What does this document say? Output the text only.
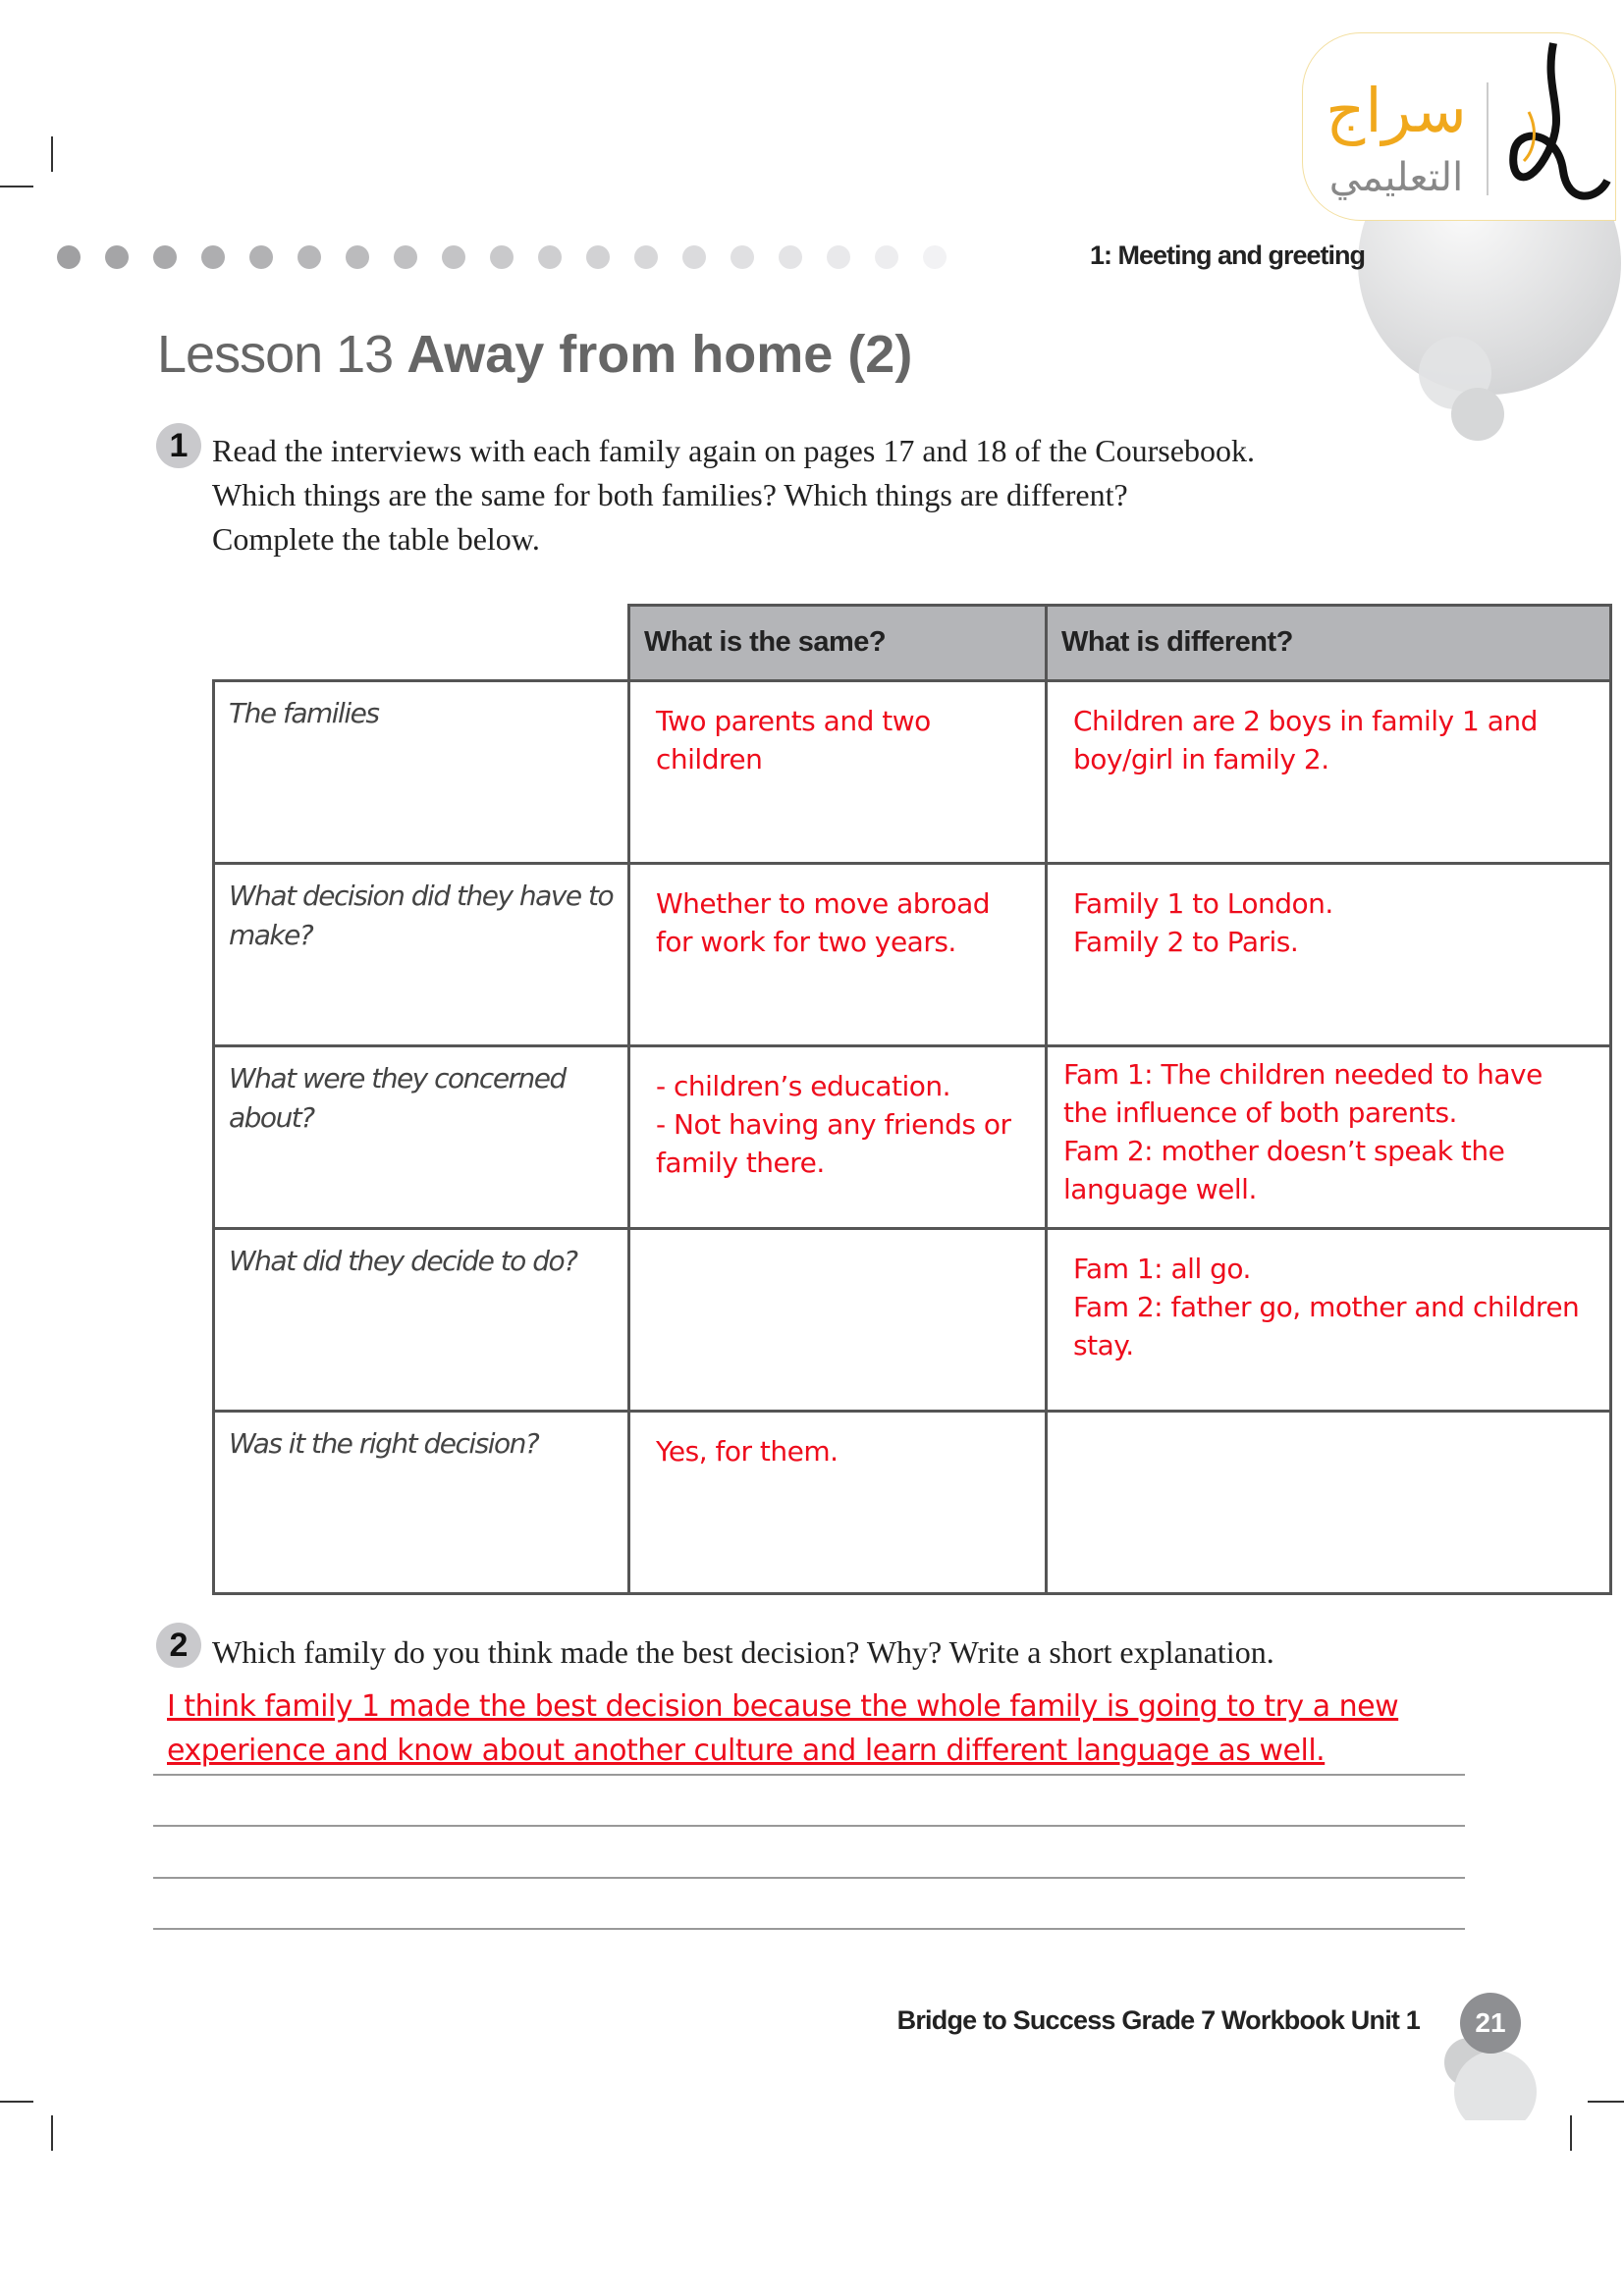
سراج
التعليمي
1: Meeting and greeting
Lesson 13 Away from home (2)
1 Read the interviews with each family again on pages 17 and 18 of the Coursebook.
Which things are the same for both families? Which things are different?
Complete the table below.
	What is the same?	What is different?

The families	Two parents and two children	Children are 2 boys in family 1 and boy/girl in family 2.

What decision did they have to make?	Whether to move abroad for work for two years.	Family 1 to London.
Family 2 to Paris.

What were they concerned about?	- children’s education.
- Not having any friends or family there.	Fam 1: The children needed to have the influence of both parents.
Fam 2: mother doesn’t speak the language well.

What did they decide to do?		Fam 1: all go.
Fam 2: father go, mother and children stay.

Was it the right decision?	Yes, for them.	

2 Which family do you think made the best decision? Why? Write a short explanation.
I think family 1 made the best decision because the whole family is going to try a new
experience and know about another culture and learn different language as well.
Bridge to Success Grade 7 Workbook Unit 1	21
